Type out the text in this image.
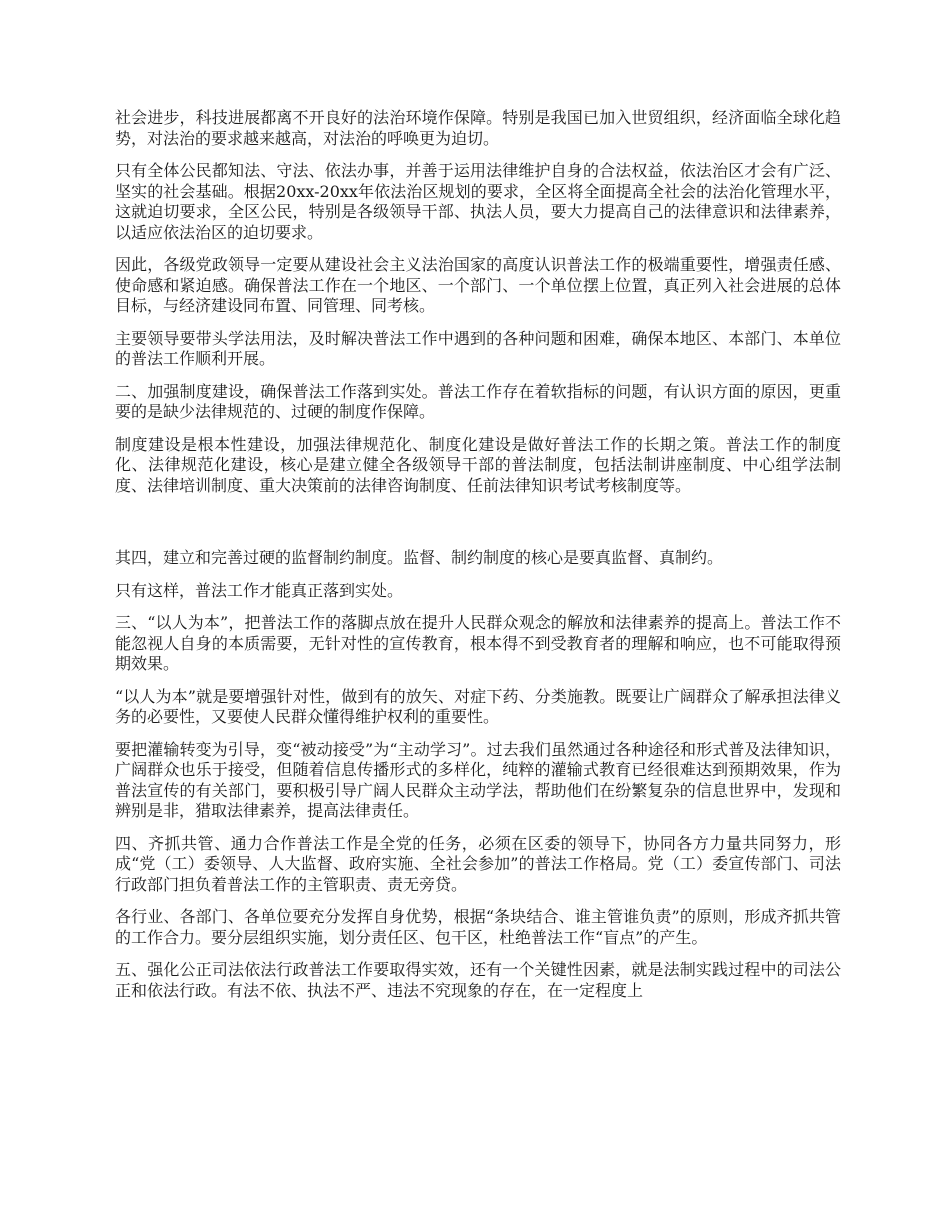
社会进步，科技进展都离不开良好的法治环境作保障。特别是我国已加入世贸组织，经济面临全球化趋势，对法治的要求越来越高，对法治的呼唤更为迫切。

只有全体公民都知法、守法、依法办事，并善于运用法律维护自身的合法权益，依法治区才会有广泛、坚实的社会基础。根据20xx-20xx年依法治区规划的要求，全区将全面提高全社会的法治化管理水平，这就迫切要求，全区公民，特别是各级领导干部、执法人员，要大力提高自己的法律意识和法律素养，以适应依法治区的迫切要求。

因此，各级党政领导一定要从建设社会主义法治国家的高度认识普法工作的极端重要性，增强责任感、使命感和紧迫感。确保普法工作在一个地区、一个部门、一个单位摆上位置，真正列入社会进展的总体目标，与经济建设同布置、同管理、同考核。

主要领导要带头学法用法，及时解决普法工作中遇到的各种问题和困难，确保本地区、本部门、本单位的普法工作顺利开展。

二、加强制度建设，确保普法工作落到实处。普法工作存在着软指标的问题，有认识方面的原因，更重要的是缺少法律规范的、过硬的制度作保障。

制度建设是根本性建设，加强法律规范化、制度化建设是做好普法工作的长期之策。普法工作的制度化、法律规范化建设，核心是建立健全各级领导干部的普法制度，包括法制讲座制度、中心组学法制度、法律培训制度、重大决策前的法律咨询制度、任前法律知识考试考核制度等。

其四，建立和完善过硬的监督制约制度。监督、制约制度的核心是要真监督、真制约。

只有这样，普法工作才能真正落到实处。

三、“以人为本”，把普法工作的落脚点放在提升人民群众观念的解放和法律素养的提高上。普法工作不能忽视人自身的本质需要，无针对性的宣传教育，根本得不到受教育者的理解和响应，也不可能取得预期效果。

“以人为本”就是要增强针对性，做到有的放矢、对症下药、分类施教。既要让广阔群众了解承担法律义务的必要性，又要使人民群众懂得维护权利的重要性。

要把灌输转变为引导，变“被动接受”为“主动学习”。过去我们虽然通过各种途径和形式普及法律知识，广阔群众也乐于接受，但随着信息传播形式的多样化，纯粹的灌输式教育已经很难达到预期效果，作为普法宣传的有关部门，要积极引导广阔人民群众主动学法，帮助他们在纷繁复杂的信息世界中，发现和辨别是非，猎取法律素养，提高法律责任。

四、齐抓共管、通力合作普法工作是全党的任务，必须在区委的领导下，协同各方力量共同努力，形成“党（工）委领导、人大监督、政府实施、全社会参加”的普法工作格局。党（工）委宣传部门、司法行政部门担负着普法工作的主管职责、责无旁贷。

各行业、各部门、各单位要充分发挥自身优势，根据“条块结合、谁主管谁负责”的原则，形成齐抓共管的工作合力。要分层组织实施，划分责任区、包干区，杜绝普法工作“盲点”的产生。

五、强化公正司法依法行政普法工作要取得实效，还有一个关键性因素，就是法制实践过程中的司法公正和依法行政。有法不依、执法不严、违法不究现象的存在，在一定程度上
